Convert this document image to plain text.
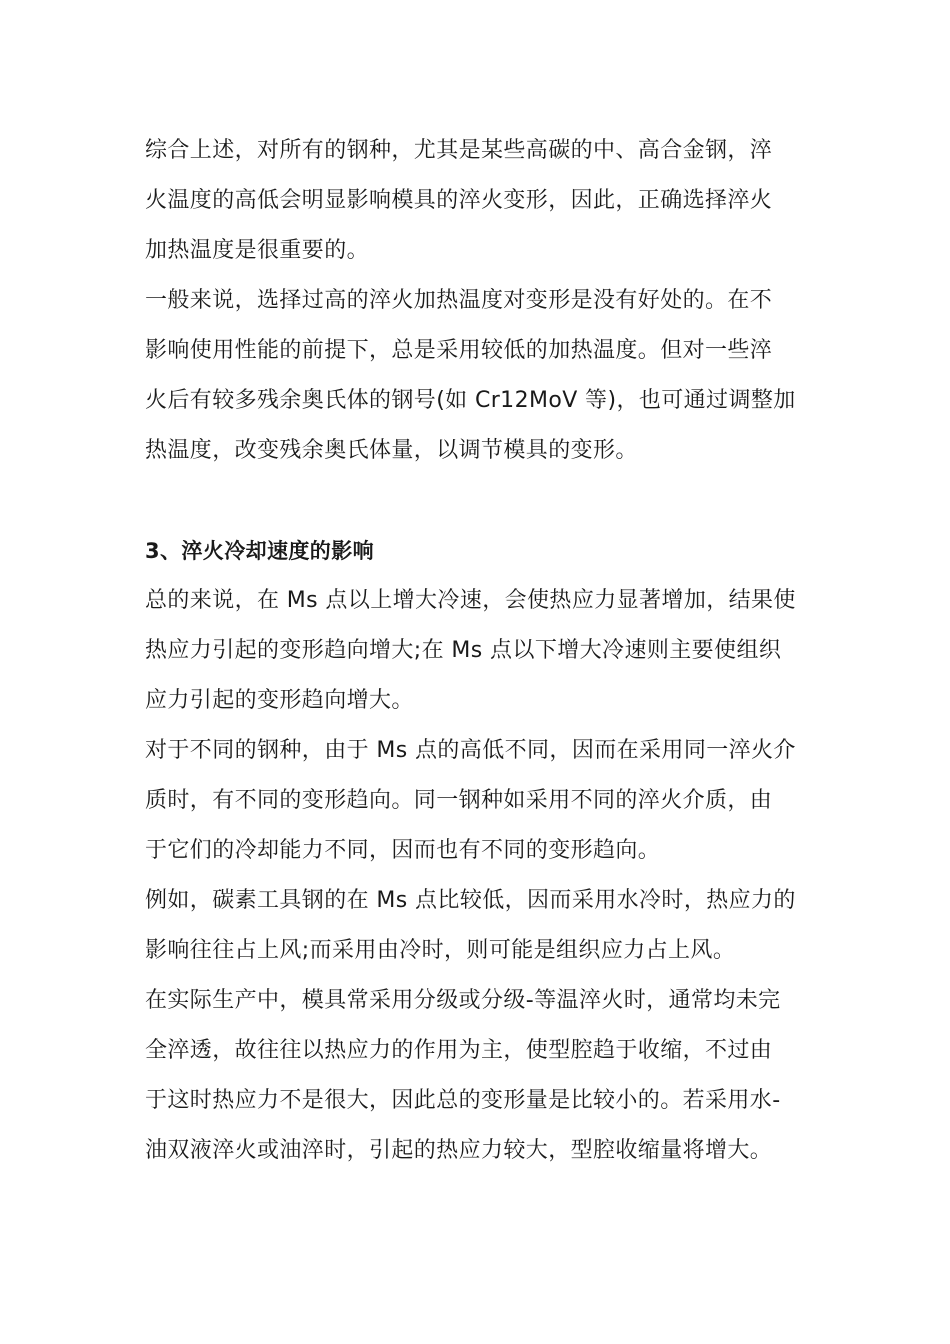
综合上述，对所有的钢种，尤其是某些高碳的中、高合金钢，淬
火温度的高低会明显影响模具的淬火变形，因此，正确选择淬火
加热温度是很重要的。
一般来说，选择过高的淬火加热温度对变形是没有好处的。在不
影响使用性能的前提下，总是采用较低的加热温度。但对一些淬
火后有较多残余奥氏体的钢号(如 Cr12MoV 等)，也可通过调整加
热温度，改变残余奥氏体量，以调节模具的变形。
3、淬火冷却速度的影响
总的来说，在 Ms 点以上增大冷速，会使热应力显著增加，结果使
热应力引起的变形趋向增大;在 Ms 点以下增大冷速则主要使组织
应力引起的变形趋向增大。
对于不同的钢种，由于 Ms 点的高低不同，因而在采用同一淬火介
质时，有不同的变形趋向。同一钢种如采用不同的淬火介质，由
于它们的冷却能力不同，因而也有不同的变形趋向。
例如，碳素工具钢的在 Ms 点比较低，因而采用水冷时，热应力的
影响往往占上风;而采用由冷时，则可能是组织应力占上风。
在实际生产中，模具常采用分级或分级-等温淬火时，通常均未完
全淬透，故往往以热应力的作用为主，使型腔趋于收缩，不过由
于这时热应力不是很大，因此总的变形量是比较小的。若采用水-
油双液淬火或油淬时，引起的热应力较大，型腔收缩量将增大。
